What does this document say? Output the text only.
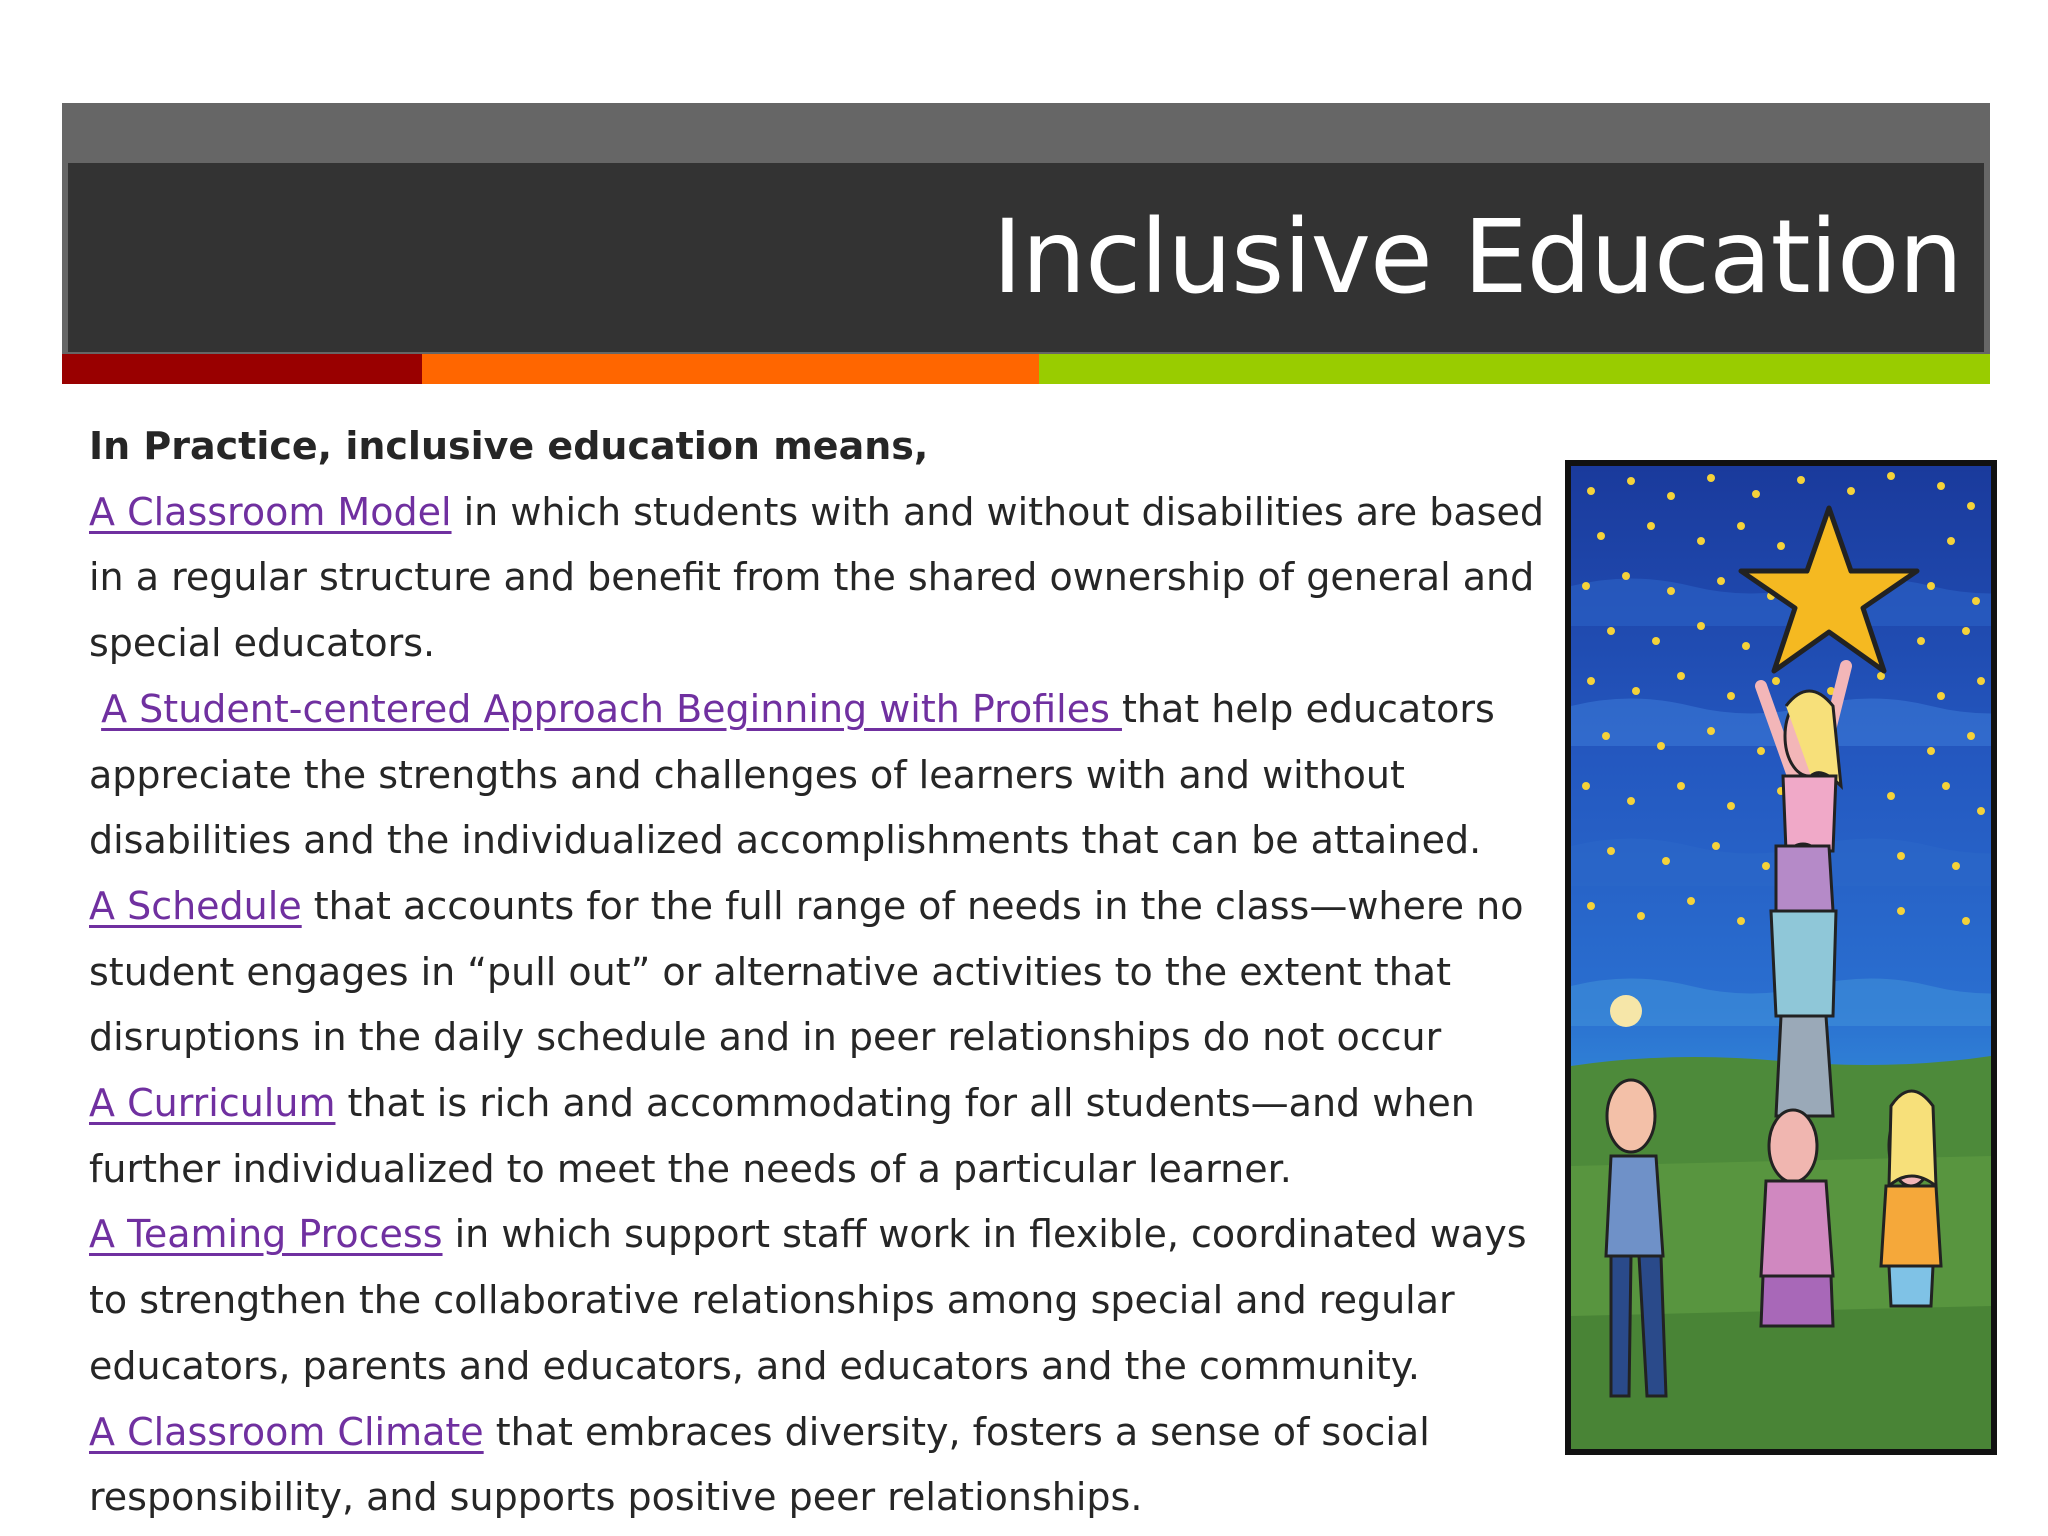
Inclusive Education
In Practice, inclusive education means,
A Classroom Model in which students with and without disabilities are based in a regular structure and benefit from the shared ownership of general and special educators.
A Student-centered Approach Beginning with Profiles that help educators appreciate the strengths and challenges of learners with and without disabilities and the individualized accomplishments that can be attained.
A Schedule that accounts for the full range of needs in the class—where no student engages in “pull out” or alternative activities to the extent that disruptions in the daily schedule and in peer relationships do not occur
A Curriculum that is rich and accommodating for all students—and when further individualized to meet the needs of a particular learner.
A Teaming Process in which support staff work in flexible, coordinated ways to strengthen the collaborative relationships among special and regular educators, parents and educators, and educators and the community.
A Classroom Climate that embraces diversity, fosters a sense of social responsibility, and supports positive peer relationships.
